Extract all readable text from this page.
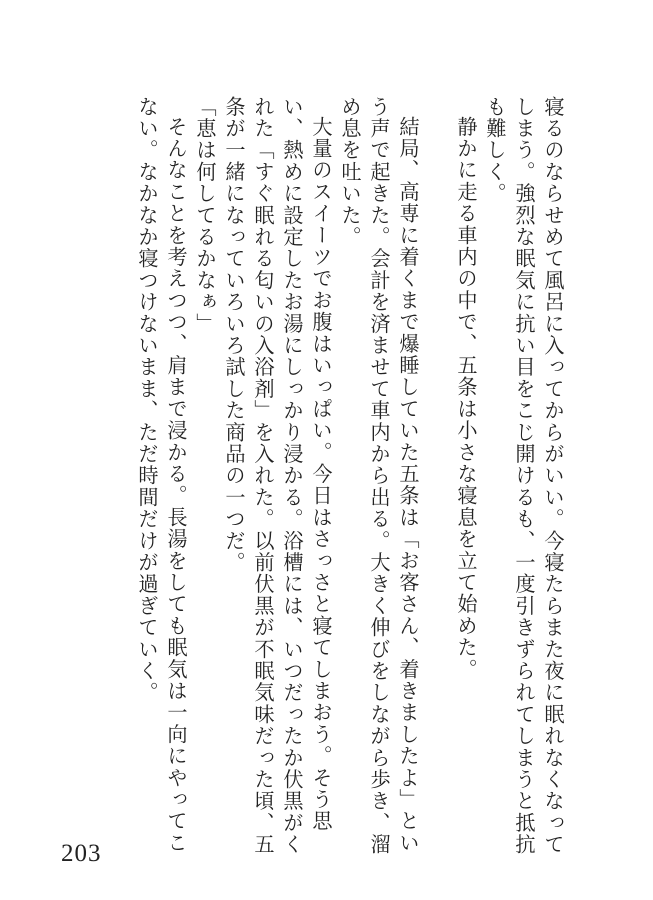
寝るのならせめて風呂に入ってからがいい。今寝たらまた夜に眠れなくなってしまう。強烈な眠気に抗い目をこじ開けるも、一度引きずられてしまうと抵抗も難しく。

静かに走る車内の中で、五条は小さな寝息を立て始めた。

結局、高専に着くまで爆睡していた五条は「お客さん、着きましたよ」という声で起きた。会計を済ませて車内から出る。大きく伸びをしながら歩き、溜め息を吐いた。

大量のスイーツでお腹はいっぱい。今日はさっさと寝てしまおう。そう思い、熱めに設定したお湯にしっかり浸かる。浴槽には、いつだったか伏黒がくれた「すぐ眠れる匂いの入浴剤」を入れた。以前伏黒が不眠気味だった頃、五条が一緒になっていろいろ試した商品の一つだ。

「恵は何してるかなぁ」

そんなことを考えつつ、肩まで浸かる。長湯をしても眠気は一向にやってこない。なかなか寝つけないまま、ただ時間だけが過ぎていく。

203
